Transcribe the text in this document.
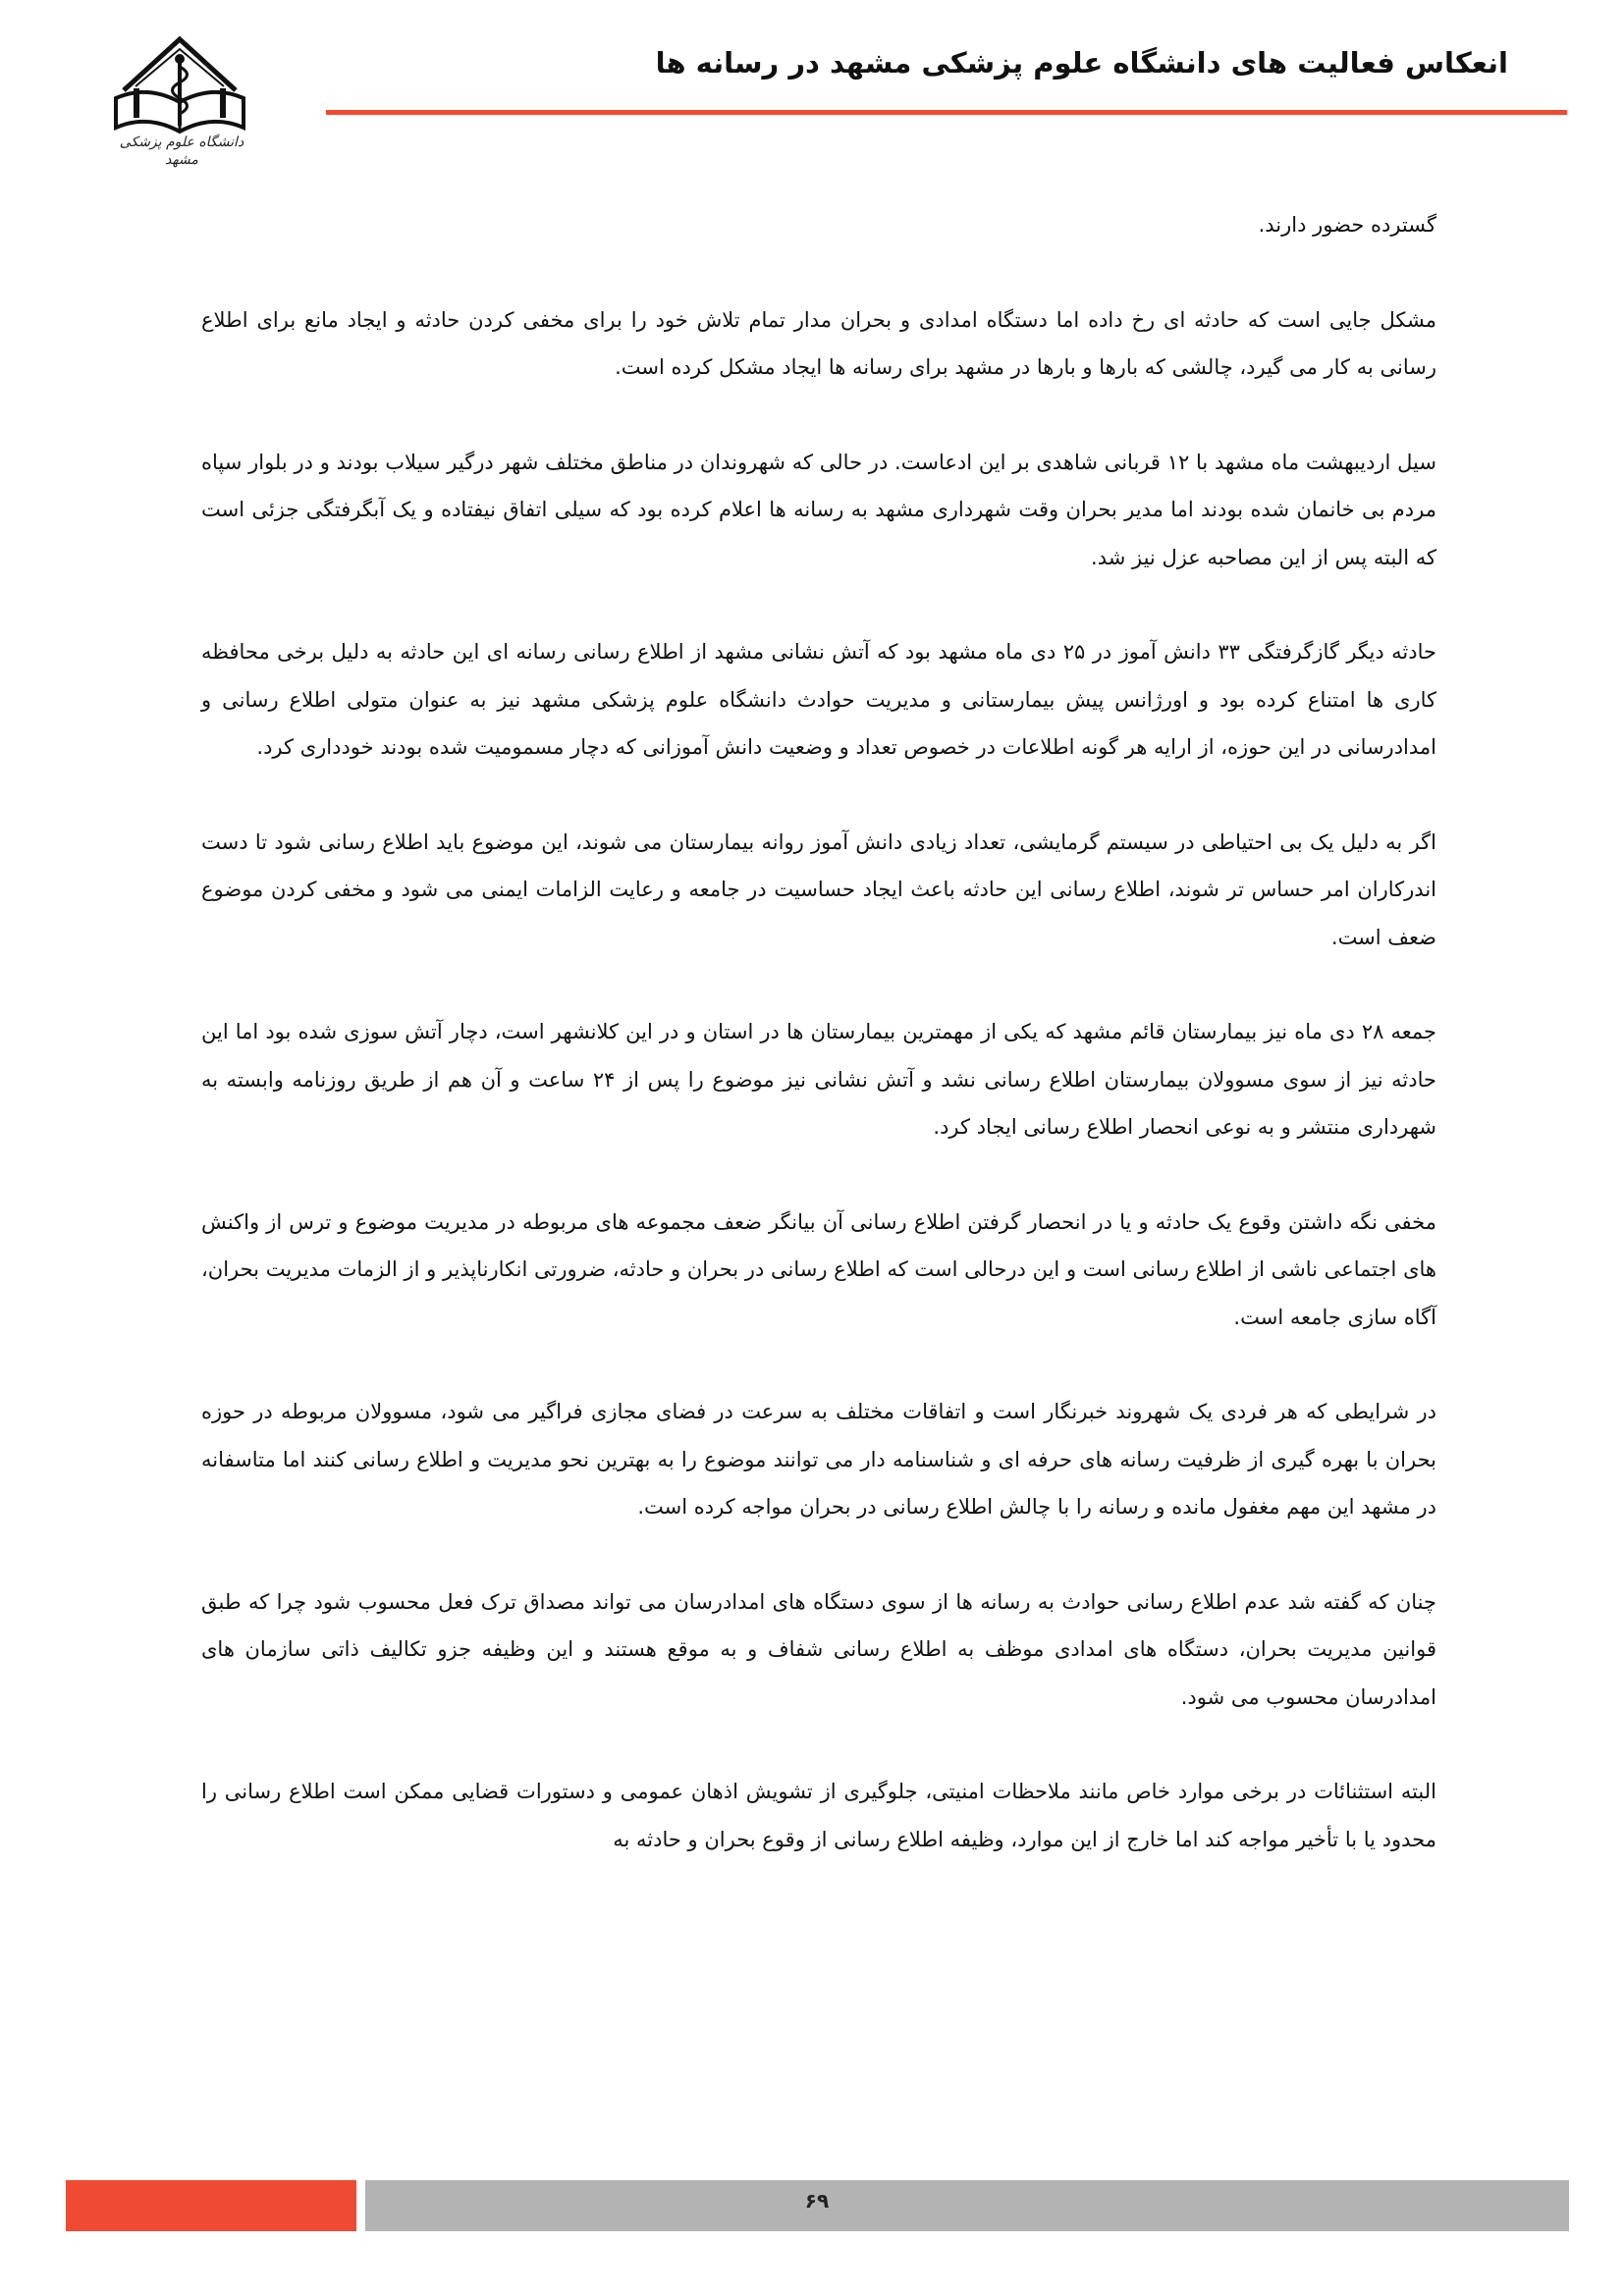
انعکاس فعالیت های دانشگاه علوم پزشکی مشهد در رسانه ها
دانشگاه علوم پزشکی مشهد

گسترده حضور دارند.

مشکل جایی است که حادثه ای رخ داده اما دستگاه امدادی و بحران مدار تمام تلاش خود را برای مخفی کردن حادثه و ایجاد مانع برای اطلاع رسانی به کار می گیرد، چالشی که بارها و بارها در مشهد برای رسانه ها ایجاد مشکل کرده است.

سیل اردیبهشت ماه مشهد با ۱۲ قربانی شاهدی بر این ادعاست. در حالی که شهروندان در مناطق مختلف شهر درگیر سیلاب بودند و در بلوار سپاه مردم بی خانمان شده بودند اما مدیر بحران وقت شهرداری مشهد به رسانه ها اعلام کرده بود که سیلی اتفاق نیفتاده و یک آبگرفتگی جزئی است که البته پس از این مصاحبه عزل نیز شد.

حادثه دیگر گازگرفتگی ۳۳ دانش آموز در ۲۵ دی ماه مشهد بود که آتش نشانی مشهد از اطلاع رسانی رسانه ای این حادثه به دلیل برخی محافظه کاری ها امتناع کرده بود و اورژانس پیش بیمارستانی و مدیریت حوادث دانشگاه علوم پزشکی مشهد نیز به عنوان متولی اطلاع رسانی و امدادرسانی در این حوزه، از ارایه هر گونه اطلاعات در خصوص تعداد و وضعیت دانش آموزانی که دچار مسمومیت شده بودند خودداری کرد.

اگر به دلیل یک بی احتیاطی در سیستم گرمایشی، تعداد زیادی دانش آموز روانه بیمارستان می شوند، این موضوع باید اطلاع رسانی شود تا دست اندرکاران امر حساس تر شوند، اطلاع رسانی این حادثه باعث ایجاد حساسیت در جامعه و رعایت الزامات ایمنی می شود و مخفی کردن موضوع ضعف است.

جمعه ۲۸ دی ماه نیز بیمارستان قائم مشهد که یکی از مهمترین بیمارستان ها در استان و در این کلانشهر است، دچار آتش سوزی شده بود اما این حادثه نیز از سوی مسوولان بیمارستان اطلاع رسانی نشد و آتش نشانی نیز موضوع را پس از ۲۴ ساعت و آن هم از طریق روزنامه وابسته به شهرداری منتشر و به نوعی انحصار اطلاع رسانی ایجاد کرد.

مخفی نگه داشتن وقوع یک حادثه و یا در انحصار گرفتن اطلاع رسانی آن بیانگر ضعف مجموعه های مربوطه در مدیریت موضوع و ترس از واکنش های اجتماعی ناشی از اطلاع رسانی است و این درحالی است که اطلاع رسانی در بحران و حادثه، ضرورتی انکارناپذیر و از الزمات مدیریت بحران، آگاه سازی جامعه است.

در شرایطی که هر فردی یک شهروند خبرنگار است و اتفاقات مختلف به سرعت در فضای مجازی فراگیر می شود، مسوولان مربوطه در حوزه بحران با بهره گیری از ظرفیت رسانه های حرفه ای و شناسنامه دار می توانند موضوع را به بهترین نحو مدیریت و اطلاع رسانی کنند اما متاسفانه در مشهد این مهم مغفول مانده و رسانه را با چالش اطلاع رسانی در بحران مواجه کرده است.

چنان که گفته شد عدم اطلاع رسانی حوادث به رسانه ها از سوی دستگاه های امدادرسان می تواند مصداق ترک فعل محسوب شود چرا که طبق قوانین مدیریت بحران، دستگاه های امدادی موظف به اطلاع رسانی شفاف و به موقع هستند و این وظیفه جزو تکالیف ذاتی سازمان های امدادرسان محسوب می شود.

البته استثنائات در برخی موارد خاص مانند ملاحظات امنیتی، جلوگیری از تشویش اذهان عمومی و دستورات قضایی ممکن است اطلاع رسانی را محدود یا با تأخیر مواجه کند اما خارج از این موارد، وظیفه اطلاع رسانی از وقوع بحران و حادثه به

۶۹
